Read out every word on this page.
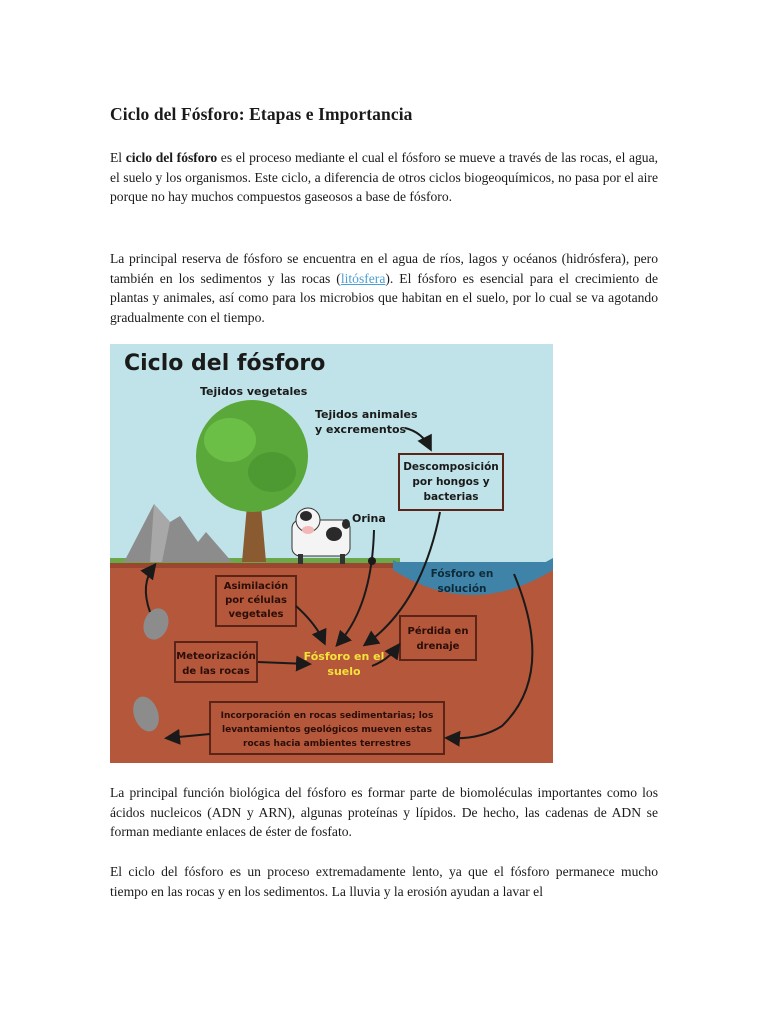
Ciclo del Fósforo: Etapas e Importancia

El ciclo del fósforo es el proceso mediante el cual el fósforo se mueve a través de las rocas, el agua, el suelo y los organismos. Este ciclo, a diferencia de otros ciclos biogeoquímicos, no pasa por el aire porque no hay muchos compuestos gaseosos a base de fósforo.

La principal reserva de fósforo se encuentra en el agua de ríos, lagos y océanos (hidrósfera), pero también en los sedimentos y las rocas (litósfera). El fósforo es esencial para el crecimiento de plantas y animales, así como para los microbios que habitan en el suelo, por lo cual se va agotando gradualmente con el tiempo.

Ciclo del fósforo
Tejidos vegetales
Tejidos animales
y excrementos
Descomposición
por hongos y
bacterias
Orina
Asimilación
por células
vegetales
Fósforo en
solución
Meteorización
de las rocas
Fósforo en el
suelo
Pérdida en
drenaje
Incorporación en rocas sedimentarias; los
levantamientos geológicos mueven estas
rocas hacia ambientes terrestres

La principal función biológica del fósforo es formar parte de biomoléculas importantes como los ácidos nucleicos (ADN y ARN), algunas proteínas y lípidos. De hecho, las cadenas de ADN se forman mediante enlaces de éster de fosfato.

El ciclo del fósforo es un proceso extremadamente lento, ya que el fósforo permanece mucho tiempo en las rocas y en los sedimentos. La lluvia y la erosión ayudan a lavar el
